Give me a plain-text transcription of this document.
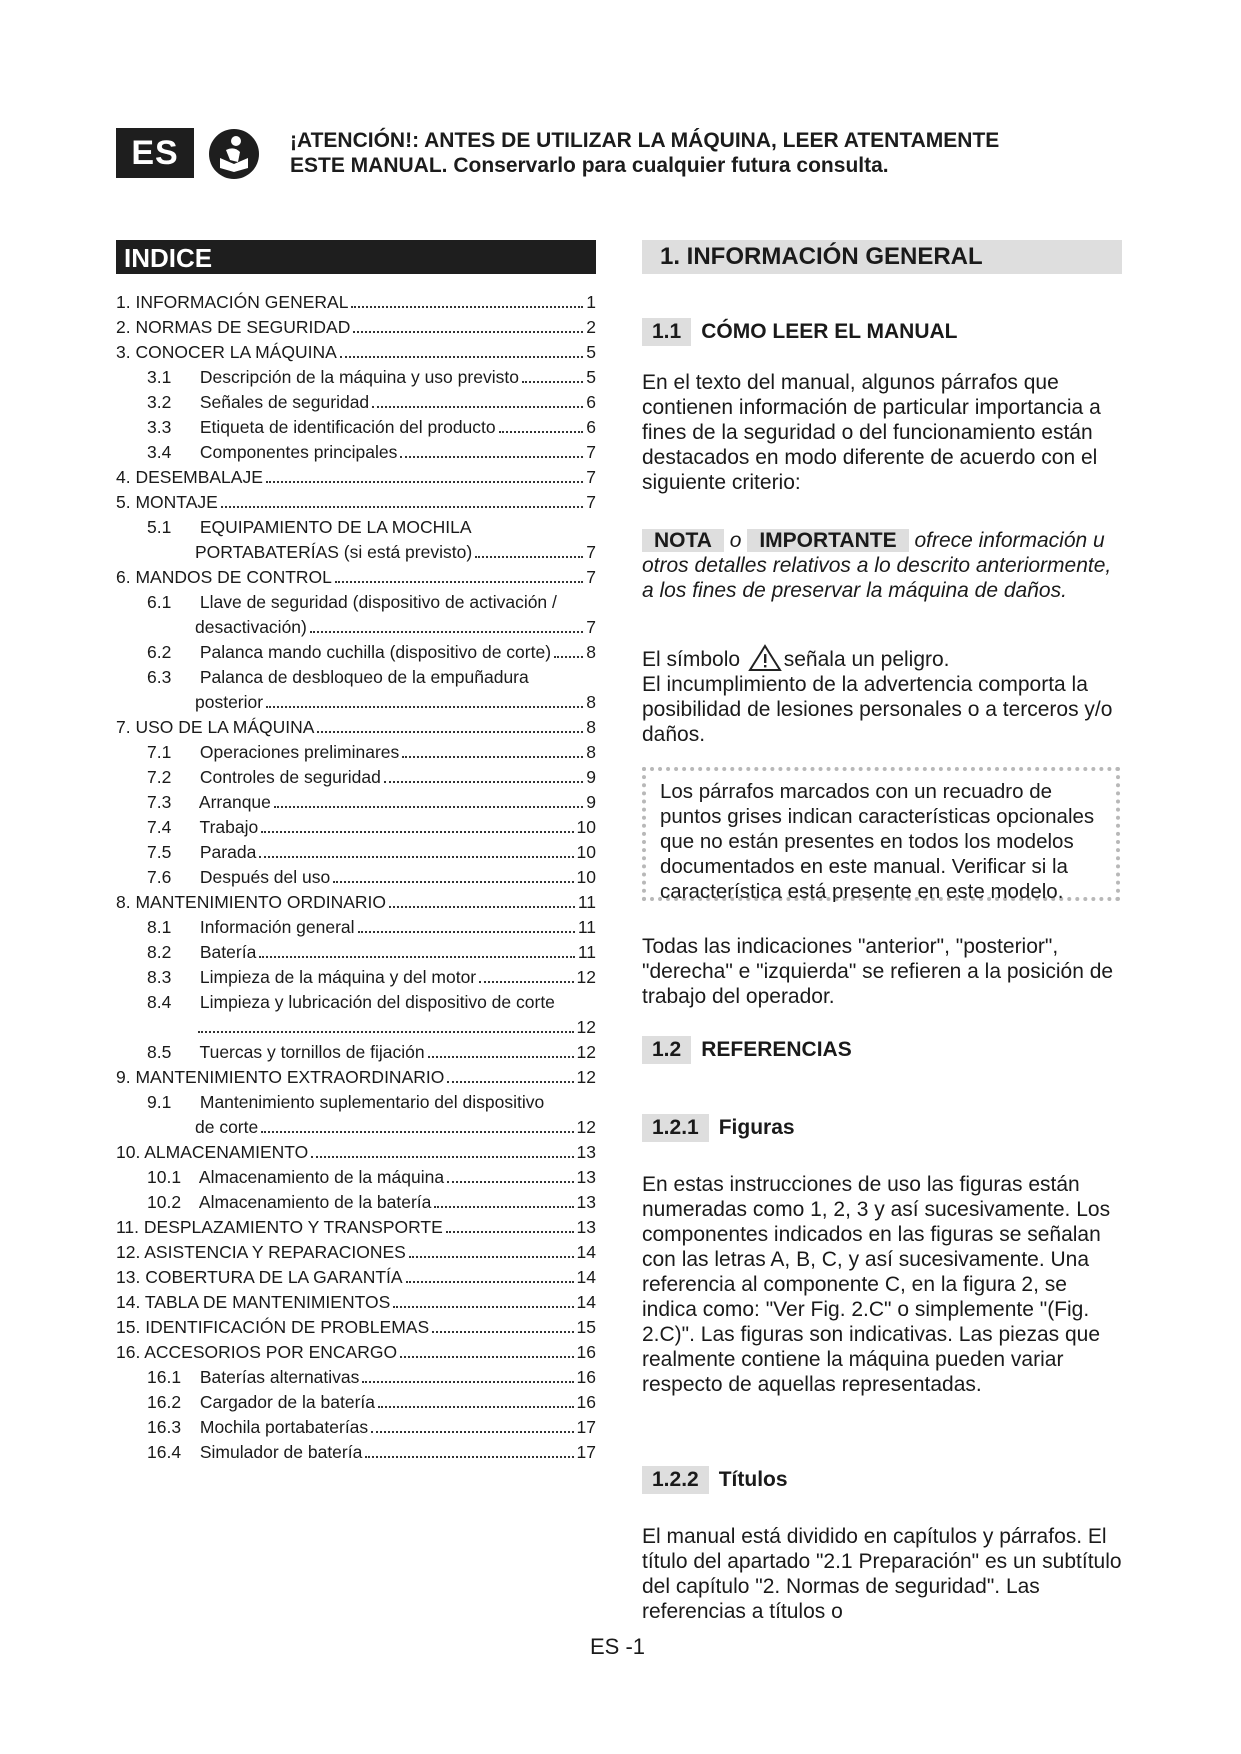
ES	¡ATENCIÓN!: ANTES DE UTILIZAR LA MÁQUINA, LEER ATENTAMENTE
ESTE MANUAL. Conservarlo para cualquier futura consulta.
INDICE
1. INFORMACIÓN GENERAL	1
2. NORMAS DE SEGURIDAD	2
3. CONOCER LA MÁQUINA	5
3.1 Descripción de la máquina y uso previsto	5
3.2 Señales de seguridad	6
3.3 Etiqueta de identificación del producto	6
3.4 Componentes principales	7
4. DESEMBALAJE	7
5. MONTAJE	7
5.1 EQUIPAMIENTO DE LA MOCHILA
PORTABATERÍAS (si está previsto)	7
6. MANDOS DE CONTROL	7
6.1 Llave de seguridad (dispositivo de activación /
desactivación)	7
6.2 Palanca mando cuchilla (dispositivo de corte) 8
6.3 Palanca de desbloqueo de la empuñadura
posterior	8
7. USO DE LA MÁQUINA	8
7.1 Operaciones preliminares	8
7.2 Controles de seguridad	9
7.3 Arranque	9
7.4 Trabajo	10
7.5 Parada	10
7.6 Después del uso	10
8. MANTENIMIENTO ORDINARIO	11
8.1 Información general	11
8.2 Batería	11
8.3 Limpieza de la máquina y del motor	12
8.4 Limpieza y lubricación del dispositivo de corte
12
8.5 Tuercas y tornillos de fijación	12
9. MANTENIMIENTO EXTRAORDINARIO	12
9.1 Mantenimiento suplementario del dispositivo
de corte	12
10. ALMACENAMIENTO	13
10.1 Almacenamiento de la máquina	13
10.2 Almacenamiento de la batería	13
11. DESPLAZAMIENTO Y TRANSPORTE	13
12. ASISTENCIA Y REPARACIONES	14
13. COBERTURA DE LA GARANTÍA	14
14. TABLA DE MANTENIMIENTOS	14
15. IDENTIFICACIÓN DE PROBLEMAS	15
16. ACCESORIOS POR ENCARGO	16
16.1 Baterías alternativas	16
16.2 Cargador de la batería	16
16.3 Mochila portabaterías	17
16.4 Simulador de batería	17
1. INFORMACIÓN GENERAL
1.1 CÓMO LEER EL MANUAL

En el texto del manual, algunos párrafos que contienen información de particular importancia a fines de la seguridad o del funcionamiento están destacados en modo diferente de acuerdo con el siguiente criterio:

NOTA o IMPORTANTE ofrece información u otros detalles relativos a lo descrito anteriormente, a los fines de preservar la máquina de daños.

El símbolo señala un peligro.

El incumplimiento de la advertencia comporta la posibilidad de lesiones personales o a terceros y/o daños.

Los párrafos marcados con un recuadro de puntos grises indican características opcionales que no están presentes en todos los modelos documentados en este manual. Verificar si la característica está presente en este modelo.

Todas las indicaciones "anterior", "posterior", "derecha" e "izquierda" se refieren a la posición de trabajo del operador.

1.2 REFERENCIAS
1.2.1 Figuras

En estas instrucciones de uso las figuras están numeradas como 1, 2, 3 y así sucesivamente. Los componentes indicados en las figuras se señalan con las letras A, B, C, y así sucesivamente. Una referencia al componente C, en la figura 2, se indica como: "Ver Fig. 2.C" o simplemente "(Fig. 2.C)". Las figuras son indicativas. Las piezas que realmente contiene la máquina pueden variar respecto de aquellas representadas.

1.2.2 Títulos

El manual está dividido en capítulos y párrafos. El título del apartado "2.1 Preparación" es un subtítulo del capítulo "2. Normas de seguridad". Las referencias a títulos o

ES -1
